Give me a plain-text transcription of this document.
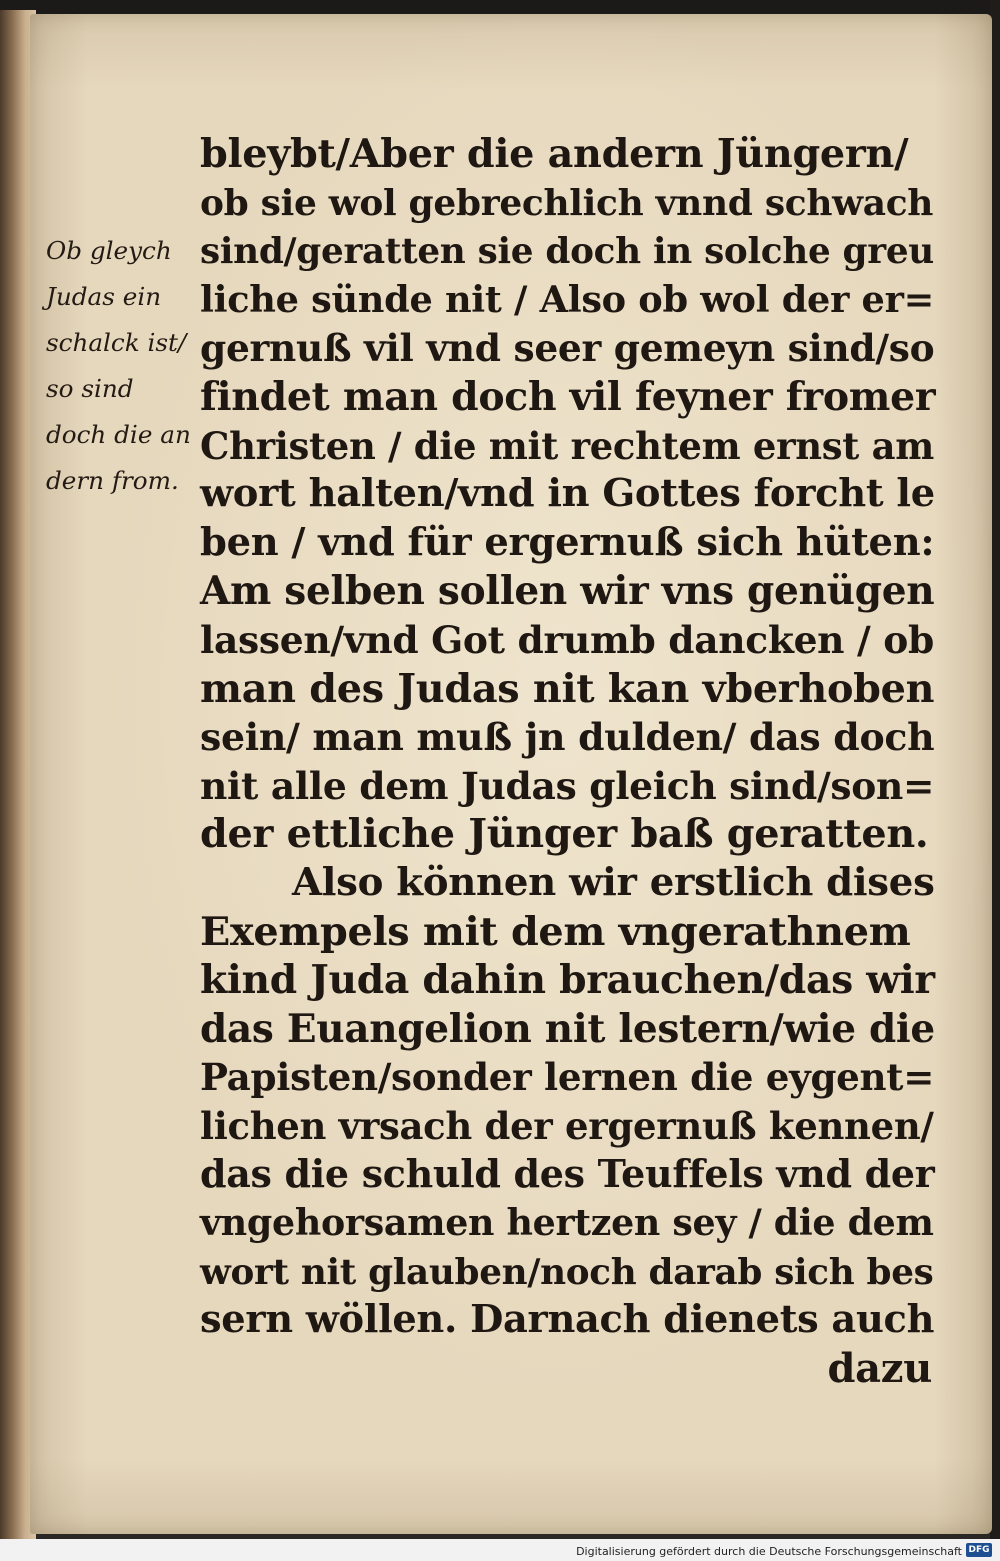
Ob gleych
Judas ein
schalck ist/
so sind
doch die an
dern from.
bleybt/Aber die andern Jüngern/
ob sie wol gebrechlich vnnd schwach
sind/geratten sie doch in solche greu
liche sünde nit / Also ob wol der er=
gernuß vil vnd seer gemeyn sind/so
findet man doch vil feyner fromer
Christen / die mit rechtem ernst am
wort halten/vnd in Gottes forcht le
ben / vnd für ergernuß sich hüten:
Am selben sollen wir vns genügen
lassen/vnd Got drumb dancken / ob
man des Judas nit kan vberhoben
sein/ man muß jn dulden/ das doch
nit alle dem Judas gleich sind/son=
der ettliche Jünger baß geratten.
Also können wir erstlich dises
Exempels mit dem vngerathnem
kind Juda dahin brauchen/das wir
das Euangelion nit lestern/wie die
Papisten/sonder lernen die eygent=
lichen vrsach der ergernuß kennen/
das die schuld des Teuffels vnd der
vngehorsamen hertzen sey / die dem
wort nit glauben/noch darab sich bes
sern wöllen. Darnach dienets auch
dazu
Digitalisierung gefördert durch die Deutsche Forschungsgemeinschaft DFG
